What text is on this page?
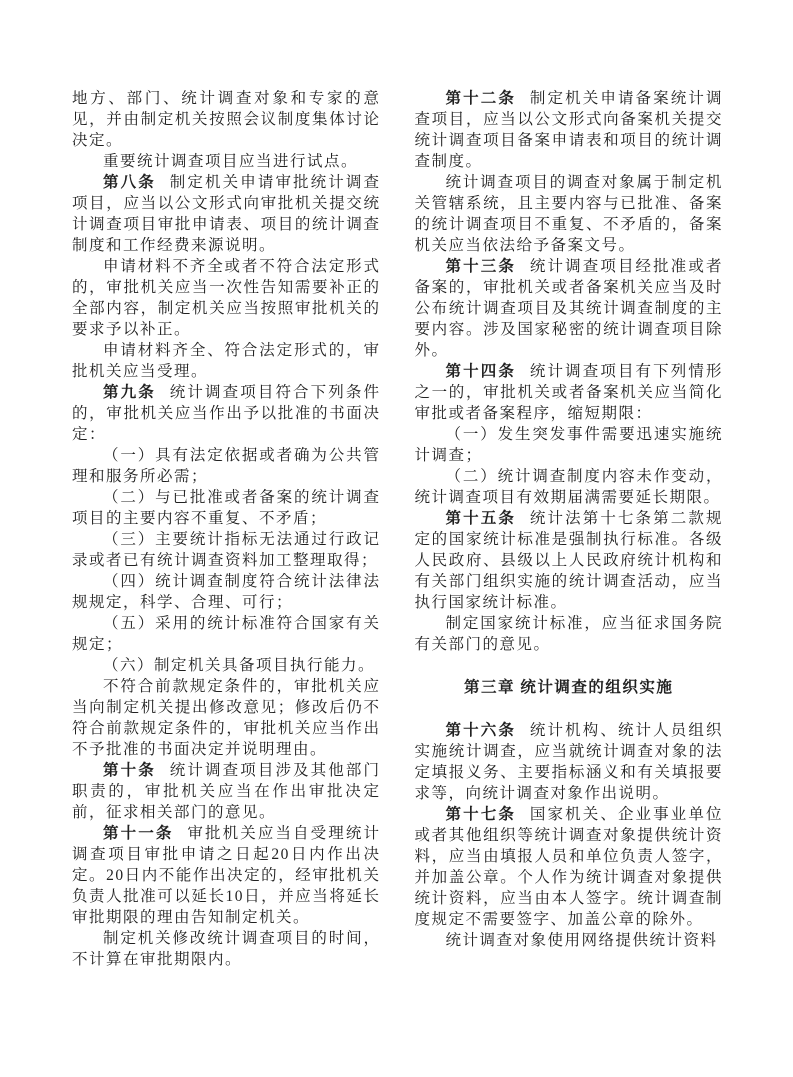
地方、部门、统计调查对象和专家的意见，并由制定机关按照会议制度集体讨论决定。

重要统计调查项目应当进行试点。

第八条 制定机关申请审批统计调查项目，应当以公文形式向审批机关提交统计调查项目审批申请表、项目的统计调查制度和工作经费来源说明。

申请材料不齐全或者不符合法定形式的，审批机关应当一次性告知需要补正的全部内容，制定机关应当按照审批机关的要求予以补正。

申请材料齐全、符合法定形式的，审批机关应当受理。

第九条 统计调查项目符合下列条件的，审批机关应当作出予以批准的书面决定：

（一）具有法定依据或者确为公共管理和服务所必需；

（二）与已批准或者备案的统计调查项目的主要内容不重复、不矛盾；

（三）主要统计指标无法通过行政记录或者已有统计调查资料加工整理取得；

（四）统计调查制度符合统计法律法规规定，科学、合理、可行；

（五）采用的统计标准符合国家有关规定；

（六）制定机关具备项目执行能力。

不符合前款规定条件的，审批机关应当向制定机关提出修改意见；修改后仍不符合前款规定条件的，审批机关应当作出不予批准的书面决定并说明理由。

第十条 统计调查项目涉及其他部门职责的，审批机关应当在作出审批决定前，征求相关部门的意见。

第十一条 审批机关应当自受理统计调查项目审批申请之日起20日内作出决定。20日内不能作出决定的，经审批机关负责人批准可以延长10日，并应当将延长审批期限的理由告知制定机关。

制定机关修改统计调查项目的时间，不计算在审批期限内。

第十二条 制定机关申请备案统计调查项目，应当以公文形式向备案机关提交统计调查项目备案申请表和项目的统计调查制度。

统计调查项目的调查对象属于制定机关管辖系统，且主要内容与已批准、备案的统计调查项目不重复、不矛盾的，备案机关应当依法给予备案文号。

第十三条 统计调查项目经批准或者备案的，审批机关或者备案机关应当及时公布统计调查项目及其统计调查制度的主要内容。涉及国家秘密的统计调查项目除外。

第十四条 统计调查项目有下列情形之一的，审批机关或者备案机关应当简化审批或者备案程序，缩短期限：

（一）发生突发事件需要迅速实施统计调查；

（二）统计调查制度内容未作变动，统计调查项目有效期届满需要延长期限。

第十五条 统计法第十七条第二款规定的国家统计标准是强制执行标准。各级人民政府、县级以上人民政府统计机构和有关部门组织实施的统计调查活动，应当执行国家统计标准。

制定国家统计标准，应当征求国务院有关部门的意见。

第三章 统计调查的组织实施

第十六条 统计机构、统计人员组织实施统计调查，应当就统计调查对象的法定填报义务、主要指标涵义和有关填报要求等，向统计调查对象作出说明。

第十七条 国家机关、企业事业单位或者其他组织等统计调查对象提供统计资料，应当由填报人员和单位负责人签字，并加盖公章。个人作为统计调查对象提供统计资料，应当由本人签字。统计调查制度规定不需要签字、加盖公章的除外。

统计调查对象使用网络提供统计资料
